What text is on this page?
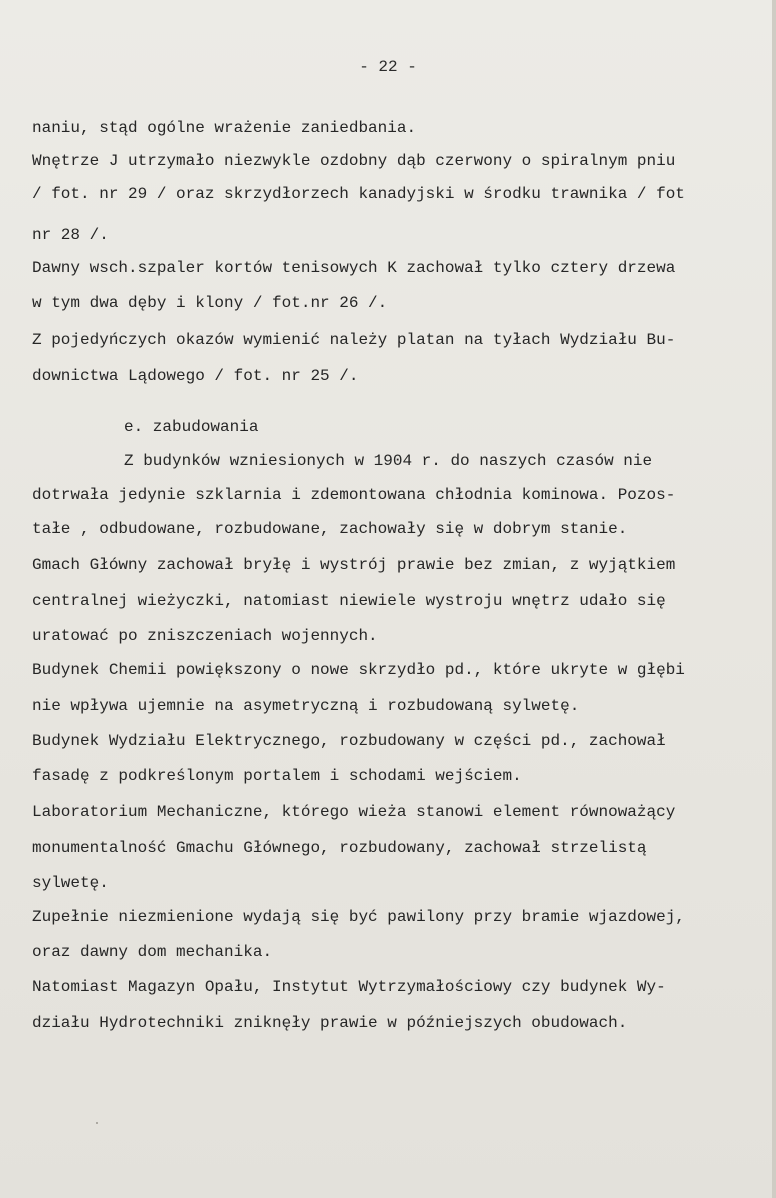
- 22 -
naniu, stąd ogólne wrażenie zaniedbania.
Wnętrze J utrzymało niezwykle ozdobny dąb czerwony o spiralnym pniu
/ fot. nr 29 / oraz skrzydłorzech kanadyjski w środku trawnika / fot
nr 28 /.
Dawny wsch.szpaler kortów tenisowych K zachował tylko cztery drzewa
w tym dwa dęby i klony / fot.nr 26 /.
Z pojedyńczych okazów wymienić należy platan na tyłach Wydziału Bu-
downictwa Lądowego / fot. nr 25 /.
e. zabudowania
Z budynków wzniesionych w 1904 r. do naszych czasów nie
dotrwała jedynie szklarnia i zdemontowana chłodnia kominowa. Pozos-
tałe , odbudowane, rozbudowane, zachowały się w dobrym stanie.
Gmach Główny zachował bryłę i wystrój prawie bez zmian, z wyjątkiem
centralnej wieżyczki, natomiast niewiele wystroju wnętrz udało się
uratować po zniszczeniach wojennych.
Budynek Chemii powiększony o nowe skrzydło pd., które ukryte w głębi
nie wpływa ujemnie na asymetryczną i rozbudowaną sylwetę.
Budynek Wydziału Elektrycznego, rozbudowany w części pd., zachował
fasadę z podkreślonym portalem i schodami wejściem.
Laboratorium Mechaniczne, którego wieża stanowi element równoważący
monumentalność Gmachu Głównego, rozbudowany, zachował strzelistą
sylwetę.
Zupełnie niezmienione wydają się być pawilony przy bramie wjazdowej,
oraz dawny dom mechanika.
Natomiast Magazyn Opału, Instytut Wytrzymałościowy czy budynek Wy-
działu Hydrotechniki zniknęły prawie w późniejszych obudowach.
